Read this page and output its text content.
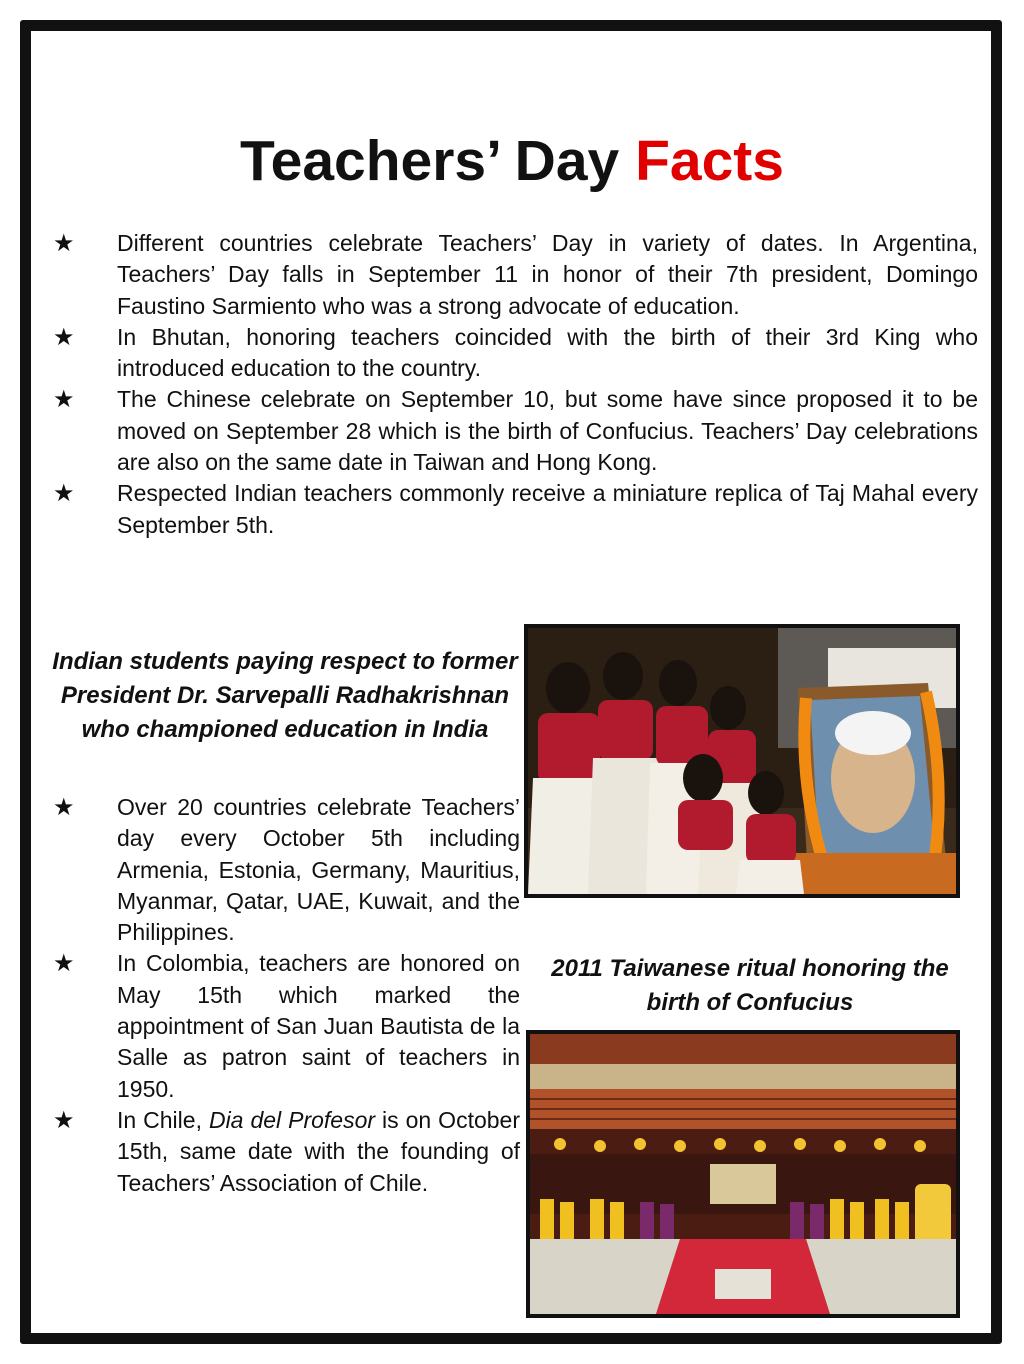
Teachers’ Day Facts
★	Different countries celebrate Teachers’ Day in variety of dates. In Argentina, Teachers’ Day falls in September 11 in honor of their 7th president, Domingo Faustino Sarmiento who was a strong advocate of education.
★	In Bhutan, honoring teachers coincided with the birth of their 3rd King who introduced education to the country.
★	The Chinese celebrate on September 10, but some have since proposed it to be moved on September 28 which is the birth of Confucius. Teachers’ Day celebrations are also on the same date in Taiwan and Hong Kong.
★	Respected Indian teachers commonly receive a miniature replica of Taj Mahal every September 5th.
Indian students paying respect to former President Dr. Sarvepalli Radhakrishnan who championed education in India
★	Over 20 countries celebrate Teachers’ day every October 5th including Armenia, Estonia, Germany, Mauritius, Myanmar, Qatar, UAE, Kuwait, and the Philippines.
★	In Colombia, teachers are honored on May 15th which marked the appointment of San Juan Bautista de la Salle as patron saint of teachers in 1950.
★	In Chile, Dia del Profesor is on October 15th, same date with the founding of Teachers’ Association of Chile.
2011 Taiwanese ritual honoring the birth of Confucius
